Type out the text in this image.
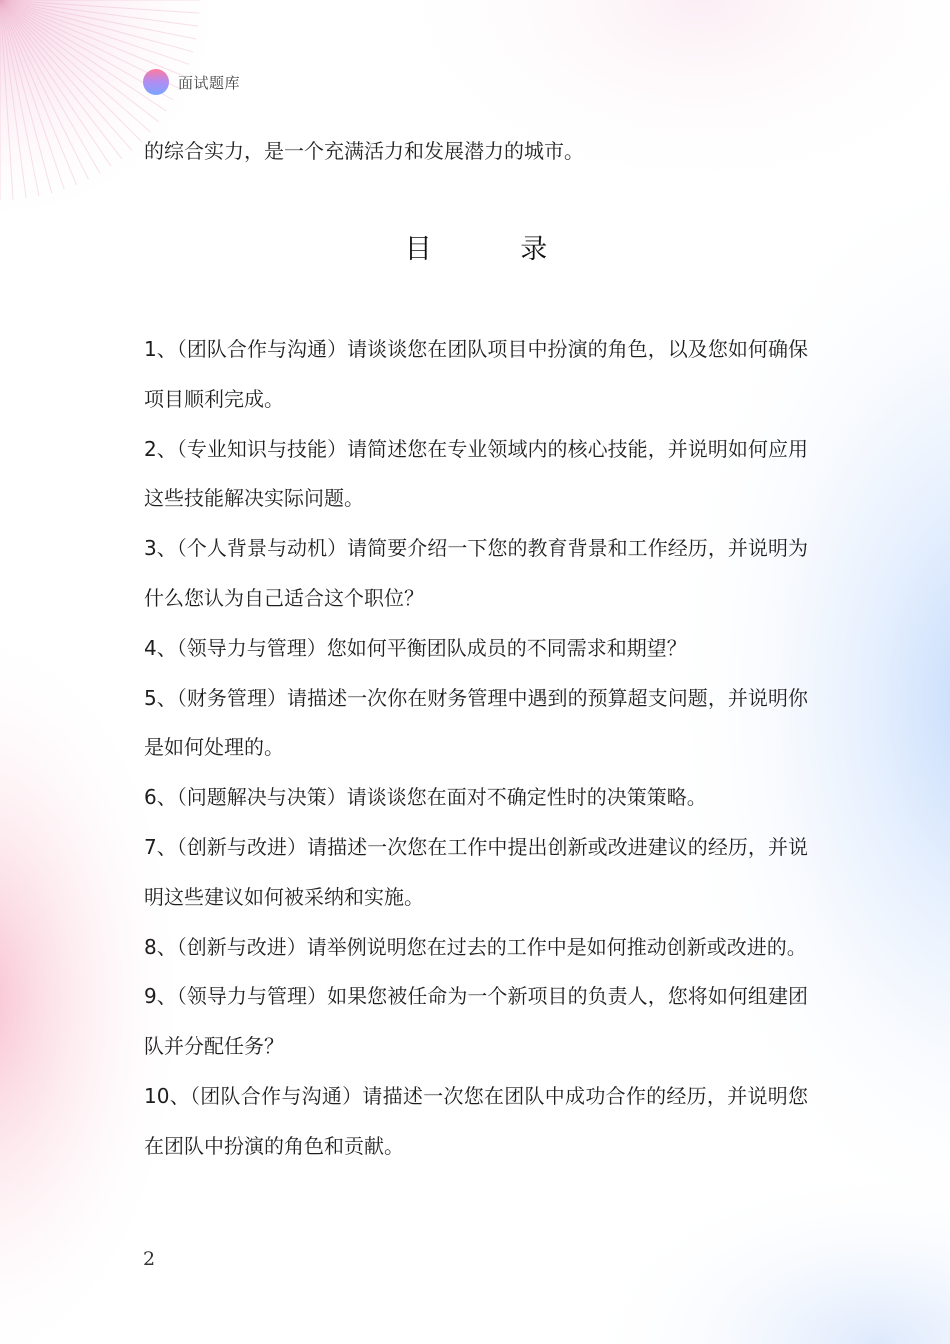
面试题库
的综合实力，是一个充满活力和发展潜力的城市。
目 录
1、（团队合作与沟通）请谈谈您在团队项目中扮演的角色，以及您如何确保项目顺利完成。
2、（专业知识与技能）请简述您在专业领域内的核心技能，并说明如何应用这些技能解决实际问题。
3、（个人背景与动机）请简要介绍一下您的教育背景和工作经历，并说明为什么您认为自己适合这个职位？
4、（领导力与管理）您如何平衡团队成员的不同需求和期望？
5、（财务管理）请描述一次你在财务管理中遇到的预算超支问题，并说明你是如何处理的。
6、（问题解决与决策）请谈谈您在面对不确定性时的决策策略。
7、（创新与改进）请描述一次您在工作中提出创新或改进建议的经历，并说明这些建议如何被采纳和实施。
8、（创新与改进）请举例说明您在过去的工作中是如何推动创新或改进的。
9、（领导力与管理）如果您被任命为一个新项目的负责人，您将如何组建团队并分配任务？
10、（团队合作与沟通）请描述一次您在团队中成功合作的经历，并说明您在团队中扮演的角色和贡献。
2
